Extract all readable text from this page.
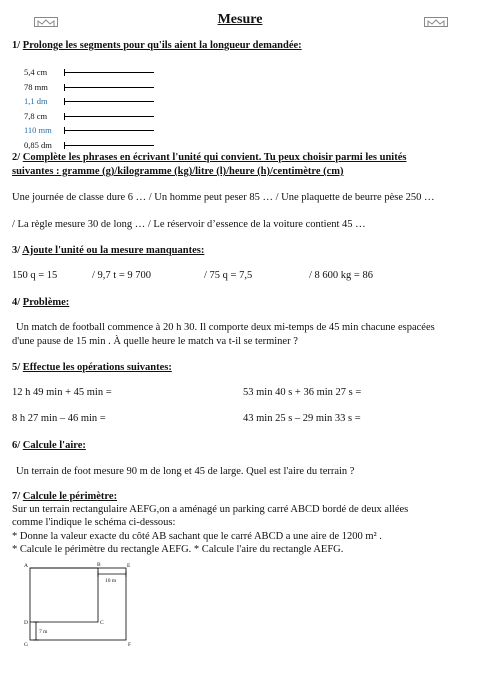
Mesure
1/ Prolonge les segments pour qu'ils aient la longueur demandée:
5,4 cm
78 mm
1,1 dm
7,8 cm
110 mm
0,85 dm
2/ Complète les phrases en écrivant l'unité qui convient. Tu peux choisir parmi les unités
suivantes : gramme (g)/kilogramme (kg)/litre (l)/heure (h)/centimètre (cm)
Une journée de classe dure 6 … / Un homme peut peser 85 … / Une plaquette de beurre pèse 250 …
/ La règle mesure 30 de long … / Le réservoir d’essence de la voiture contient 45 …
3/ Ajoute l'unité ou la mesure manquantes:
150 q = 15	/ 9,7 t = 9 700	/ 75 q = 7,5	/ 8 600 kg = 86
4/ Problème:
Un match de football commence à 20 h 30. Il comporte deux mi-temps de 45 min chacune espacées
d'une pause de 15 min . À quelle heure le match va t-il se terminer ?
5/ Effectue les opérations suivantes:
12 h 49 min + 45 min =	53 min 40 s + 36 min 27 s =
8 h 27 min – 46 min =	43 min 25 s – 29 min 33 s =
6/ Calcule l'aire:
Un terrain de foot mesure 90 m de long et 45 de large. Quel est l'aire du terrain ?
7/ Calcule le périmètre:
Sur un terrain rectangulaire AEFG,on a aménagé un parking carré ABCD bordé de deux allées
comme l'indique le schéma ci-dessous:
* Donne la valeur exacte du côté AB sachant que le carré ABCD a une aire de 1200 m² .
* Calcule le périmètre du rectangle AEFG. * Calcule l'aire du rectangle AEFG.
A	B	E
C
D
G	F
10 m
7 m
